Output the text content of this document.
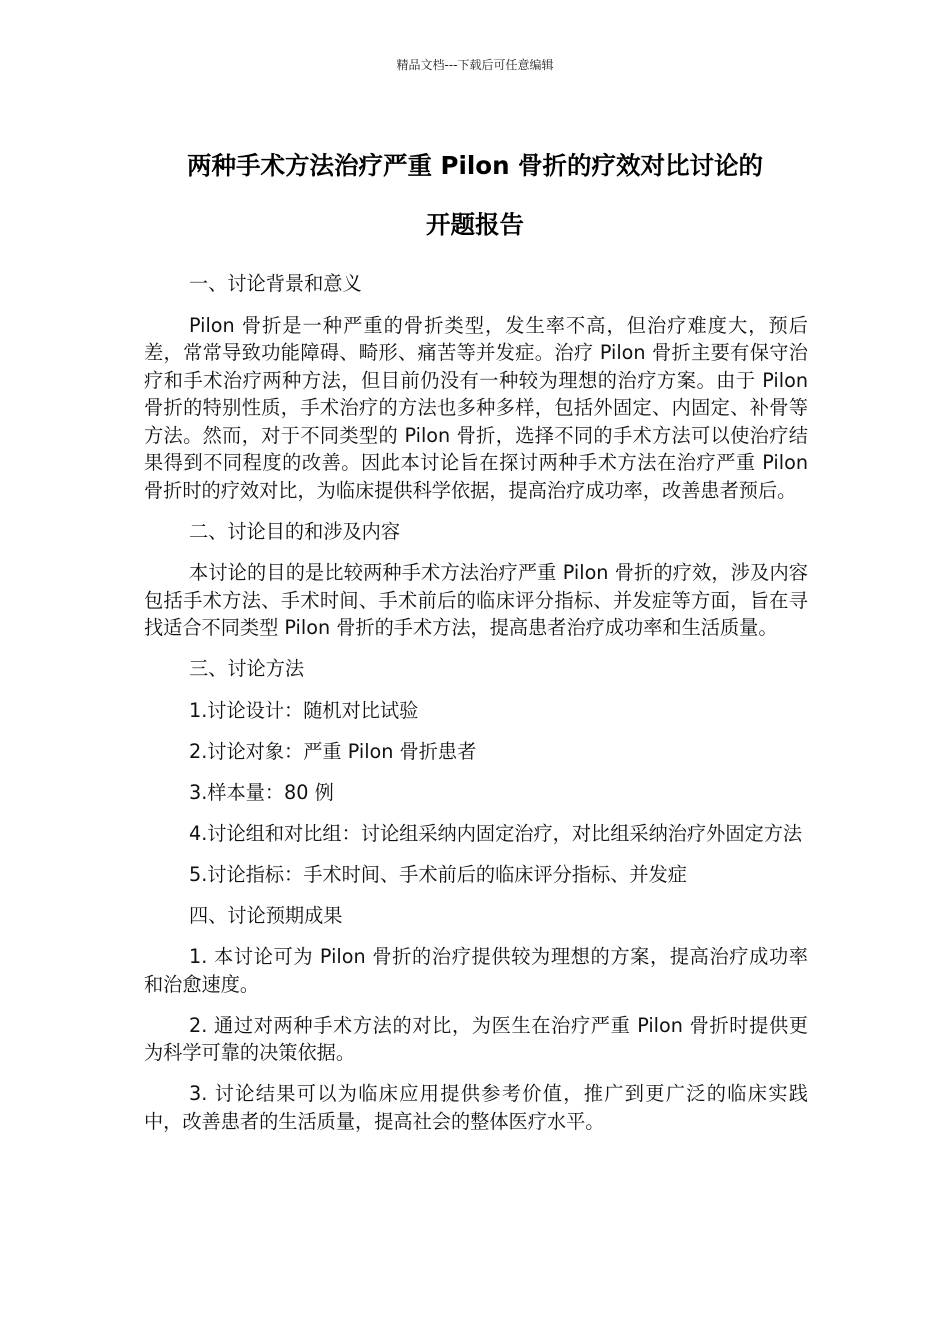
精品文档---下载后可任意编辑
两种手术方法治疗严重 Pilon 骨折的疗效对比讨论的
开题报告

一、讨论背景和意义

Pilon 骨折是一种严重的骨折类型，发生率不高，但治疗难度大，预后差，常常导致功能障碍、畸形、痛苦等并发症。治疗 Pilon 骨折主要有保守治疗和手术治疗两种方法，但目前仍没有一种较为理想的治疗方案。由于 Pilon 骨折的特别性质，手术治疗的方法也多种多样，包括外固定、内固定、补骨等方法。然而，对于不同类型的 Pilon 骨折，选择不同的手术方法可以使治疗结果得到不同程度的改善。因此本讨论旨在探讨两种手术方法在治疗严重 Pilon 骨折时的疗效对比，为临床提供科学依据，提高治疗成功率，改善患者预后。

二、讨论目的和涉及内容

本讨论的目的是比较两种手术方法治疗严重 Pilon 骨折的疗效，涉及内容包括手术方法、手术时间、手术前后的临床评分指标、并发症等方面，旨在寻找适合不同类型 Pilon 骨折的手术方法，提高患者治疗成功率和生活质量。

三、讨论方法

1.讨论设计：随机对比试验

2.讨论对象：严重 Pilon 骨折患者

3.样本量：80 例

4.讨论组和对比组：讨论组采纳内固定治疗，对比组采纳治疗外固定方法

5.讨论指标：手术时间、手术前后的临床评分指标、并发症

四、讨论预期成果

1. 本讨论可为 Pilon 骨折的治疗提供较为理想的方案，提高治疗成功率和治愈速度。

2. 通过对两种手术方法的对比，为医生在治疗严重 Pilon 骨折时提供更为科学可靠的决策依据。

3. 讨论结果可以为临床应用提供参考价值，推广到更广泛的临床实践中，改善患者的生活质量，提高社会的整体医疗水平。
